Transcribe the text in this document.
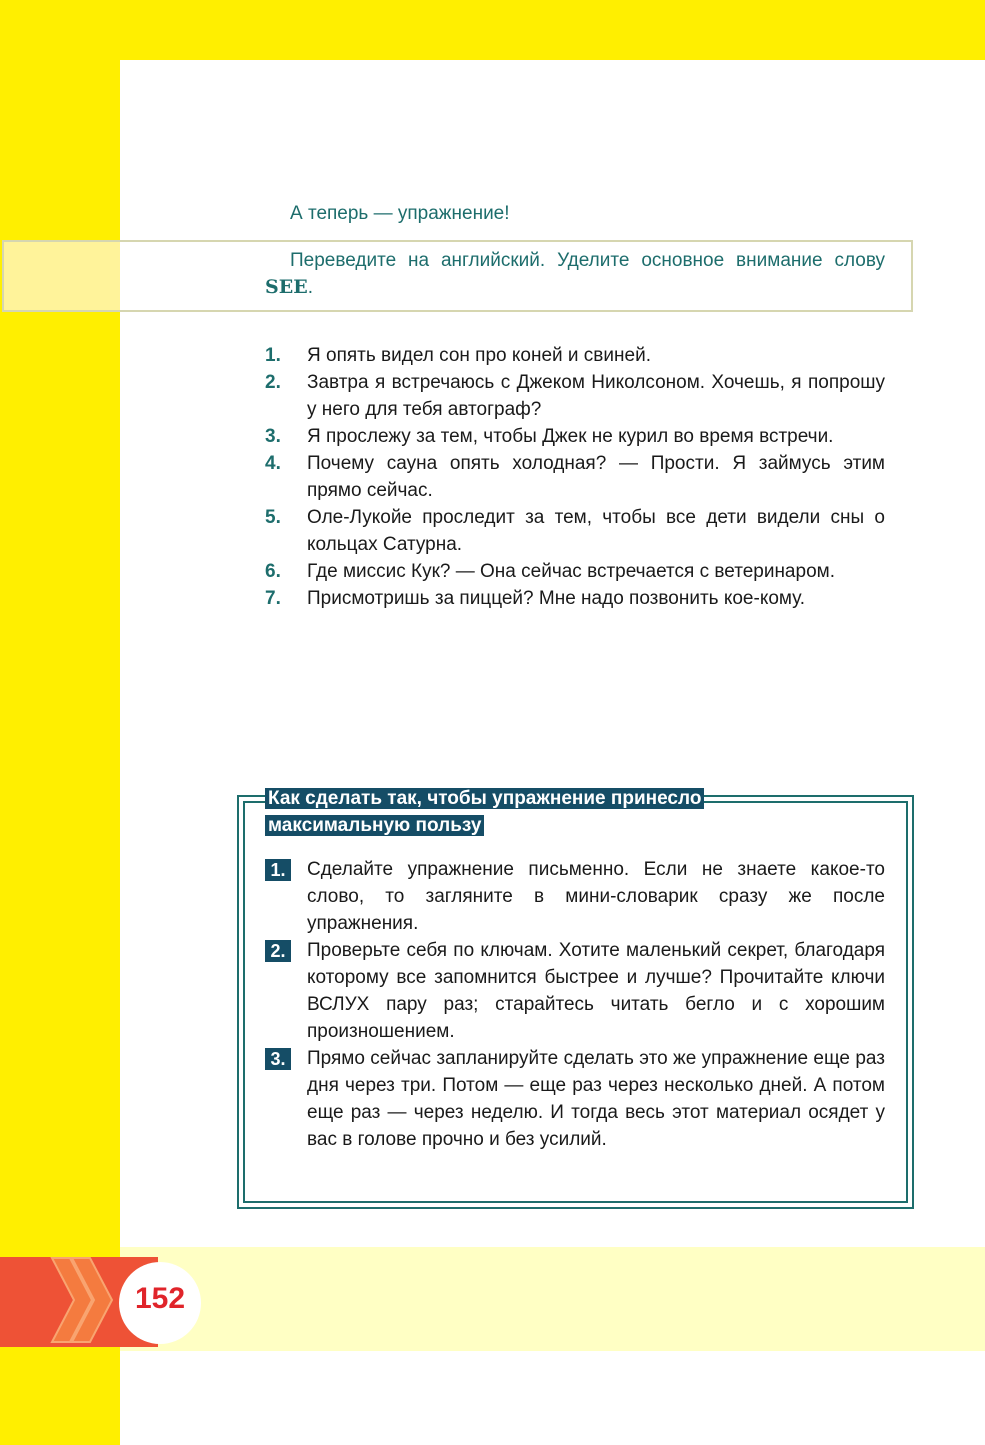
А теперь — упражнение!
Переведите на английский. Уделите основное внимание слову SEE.
1.	Я опять видел сон про коней и свиней.
2.	Завтра я встречаюсь с Джеком Николсоном. Хочешь, я попрошу у него для тебя автограф?
3.	Я прослежу за тем, чтобы Джек не курил во время встречи.
4.	Почему сауна опять холодная? — Прости. Я займусь этим прямо сейчас.
5.	Оле-Лукойе проследит за тем, чтобы все дети видели сны о кольцах Сатурна.
6.	Где миссис Кук? — Она сейчас встречается с ветеринаром.
7.	Присмотришь за пиццей? Мне надо позвонить кое-кому.
Как сделать так, чтобы упражнение принесло максимальную пользу
1. Сделайте упражнение письменно. Если не знаете какое-то слово, то загляните в мини-словарик сразу же после упражнения.
2. Проверьте себя по ключам. Хотите маленький секрет, благодаря которому все запомнится быстрее и лучше? Прочитайте ключи ВСЛУХ пару раз; старайтесь читать бегло и с хорошим произношением.
3. Прямо сейчас запланируйте сделать это же упражнение еще раз дня через три. Потом — еще раз через несколько дней. А потом еще раз — через неделю. И тогда весь этот материал осядет у вас в голове прочно и без усилий.
152
